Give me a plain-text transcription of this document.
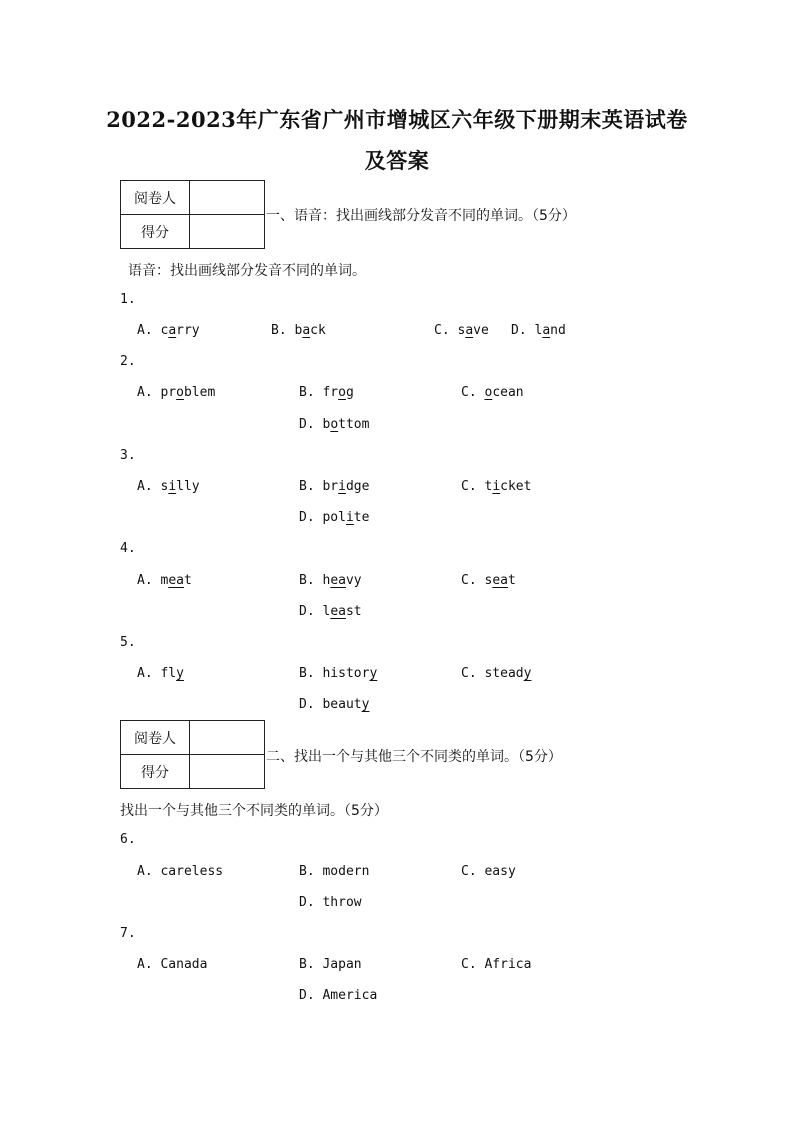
2022-2023年广东省广州市增城区六年级下册期末英语试卷
及答案
阅卷人	
得分	
一、语音：找出画线部分发音不同的单词。（5分）
语音：找出画线部分发音不同的单词。
1.
A. carry	B. back	C. save D. land
2.
A. problem	B. frog	C. ocean
D. bottom
3.
A. silly	B. bridge	C. ticket
D. polite
4.
A. meat	B. heavy	C. seat
D. least
5.
A. fly	B. history	C. steady
D. beauty
阅卷人	
得分	
二、找出一个与其他三个不同类的单词。（5分）
找出一个与其他三个不同类的单词。（5分）
6.
A. careless	B. modern	C. easy
D. throw
7.
A. Canada	B. Japan	C. Africa
D. America
